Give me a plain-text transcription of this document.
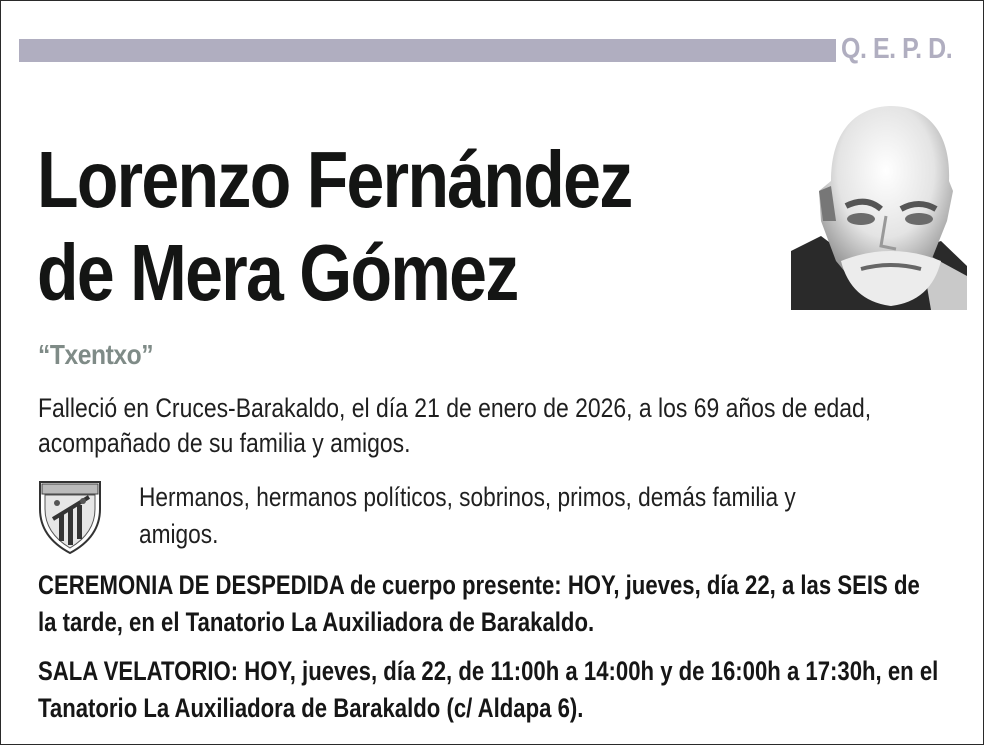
Q. E. P. D.
Lorenzo Fernández
de Mera Gómez
“Txentxo”

Falleció en Cruces-Barakaldo, el día 21 de enero de 2026, a los 69 años de edad, acompañado de su familia y amigos.

Hermanos, hermanos políticos, sobrinos, primos, demás familia y amigos.

CEREMONIA DE DESPEDIDA de cuerpo presente: HOY, jueves, día 22, a las SEIS de la tarde, en el Tanatorio La Auxiliadora de Barakaldo.

SALA VELATORIO: HOY, jueves, día 22, de 11:00h a 14:00h y de 16:00h a 17:30h, en el Tanatorio La Auxiliadora de Barakaldo (c/ Aldapa 6).
